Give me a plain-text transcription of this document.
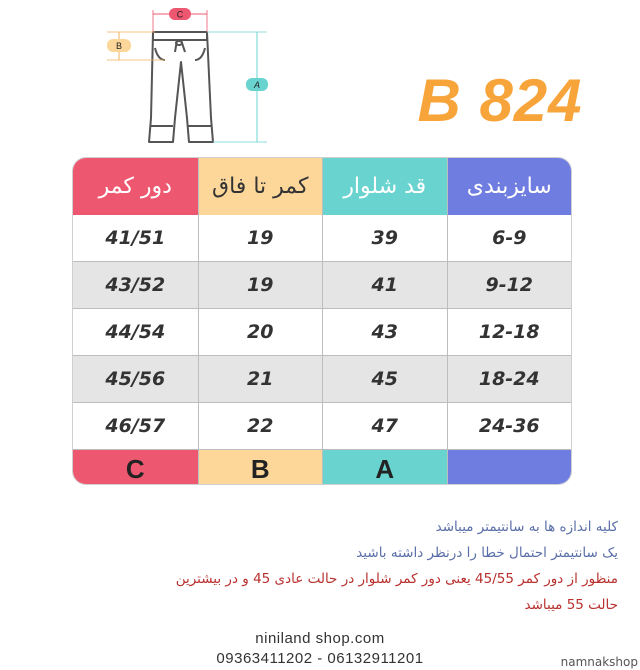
C
B
A	B 824
سایزبندی
قد شلوار
کمر تا فاق
دور کمر
6-9
39
19
41/51
9-12
41
19
43/52
12-18
43
20
44/54
18-24
45
21
45/56
24-36
47
22
46/57
A
B
C
کلیه اندازه ها به سانتیمتر میباشد
یک سانتیمتر احتمال خطا را درنظر داشته باشید
منظور از دور کمر 45/55 یعنی دور کمر شلوار در حالت عادی 45 و در بیشترین
حالت 55 میباشد
niniland shop.com
09363411202 - 06132911201	namnakshop
